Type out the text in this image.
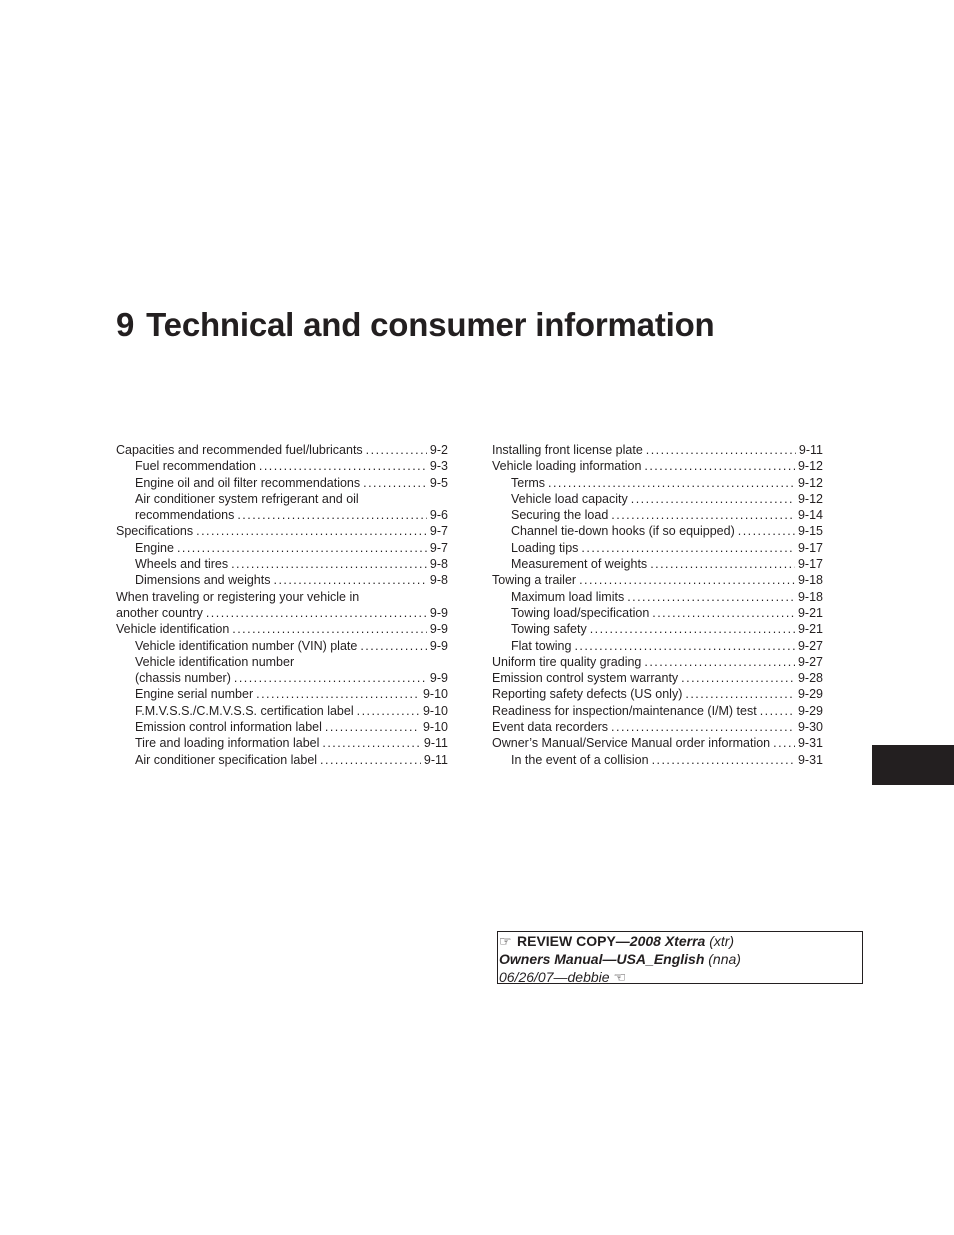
9 Technical and consumer information
Capacities and recommended fuel/lubricants . . .	9-2
Fuel recommendation . . .	9-3
Engine oil and oil filter recommendations . . .	9-5
Air conditioner system refrigerant and oil
recommendations . . .	9-6
Specifications . . .	9-7
Engine . . .	9-7
Wheels and tires . . .	9-8
Dimensions and weights . . .	9-8
When traveling or registering your vehicle in
another country . . .	9-9
Vehicle identification . . .	9-9
Vehicle identification number (VIN) plate . . .	9-9
Vehicle identification number
(chassis number) . . .	9-9
Engine serial number . . .	9-10
F.M.V.S.S./C.M.V.S.S. certification label . . .	9-10
Emission control information label . . .	9-10
Tire and loading information label . . .	9-11
Air conditioner specification label . . .	9-11
Installing front license plate . . .	9-11
Vehicle loading information . . .	9-12
Terms . . .	9-12
Vehicle load capacity . . .	9-12
Securing the load . . .	9-14
Channel tie-down hooks (if so equipped) . . .	9-15
Loading tips . . .	9-17
Measurement of weights . . .	9-17
Towing a trailer . . .	9-18
Maximum load limits . . .	9-18
Towing load/specification . . .	9-21
Towing safety . . .	9-21
Flat towing . . .	9-27
Uniform tire quality grading . . .	9-27
Emission control system warranty . . .	9-28
Reporting safety defects (US only) . . .	9-29
Readiness for inspection/maintenance (I/M) test . . .	9-29
Event data recorders . . .	9-30
Owner’s Manual/Service Manual order information . . . 9-31
In the event of a collision . . .	9-31
☞ REVIEW COPY—2008 Xterra (xtr)
Owners Manual—USA_English (nna)
06/26/07—debbie ☜
